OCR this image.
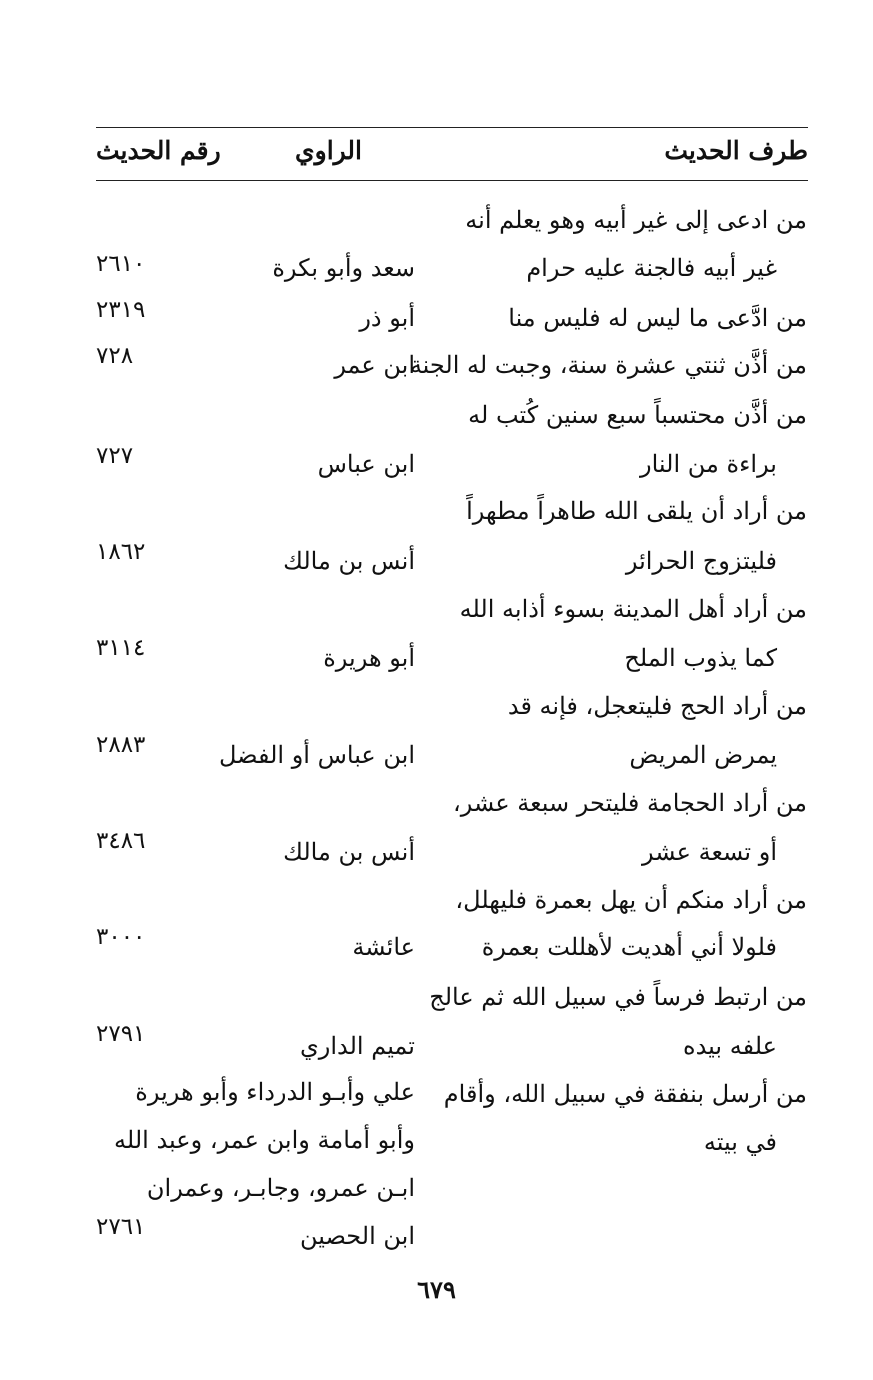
طرف الحديث
الراوي
رقم الحديث
من ادعى إلى غير أبيه وهو يعلم أنه
غير أبيه فالجنة عليه حرام
سعد وأبو بكرة
٢٦١٠
من ادَّعى ما ليس له فليس منا
أبو ذر
٢٣١٩
من أذَّن ثنتي عشرة سنة، وجبت له الجنة
ابن عمر
٧٢٨
من أذَّن محتسباً سبع سنين كُتب له
براءة من النار
ابن عباس
٧٢٧
من أراد أن يلقى الله طاهراً مطهراً
فليتزوج الحرائر
أنس بن مالك
١٨٦٢
من أراد أهل المدينة بسوء أذابه الله
كما يذوب الملح
أبو هريرة
٣١١٤
من أراد الحج فليتعجل، فإنه قد
يمرض المريض
ابن عباس أو الفضل
٢٨٨٣
من أراد الحجامة فليتحر سبعة عشر،
أو تسعة عشر
أنس بن مالك
٣٤٨٦
من أراد منكم أن يهل بعمرة فليهلل،
فلولا أني أهديت لأهللت بعمرة
عائشة
٣٠٠٠
من ارتبط فرساً في سبيل الله ثم عالج
علفه بيده
تميم الداري
٢٧٩١
من أرسل بنفقة في سبيل الله، وأقام
علي وأبـو الدرداء وأبو هريرة
في بيته
وأبو أمامة وابن عمر، وعبد الله
ابـن عمرو، وجابـر، وعمران
ابن الحصين
٢٧٦١
٦٧٩
